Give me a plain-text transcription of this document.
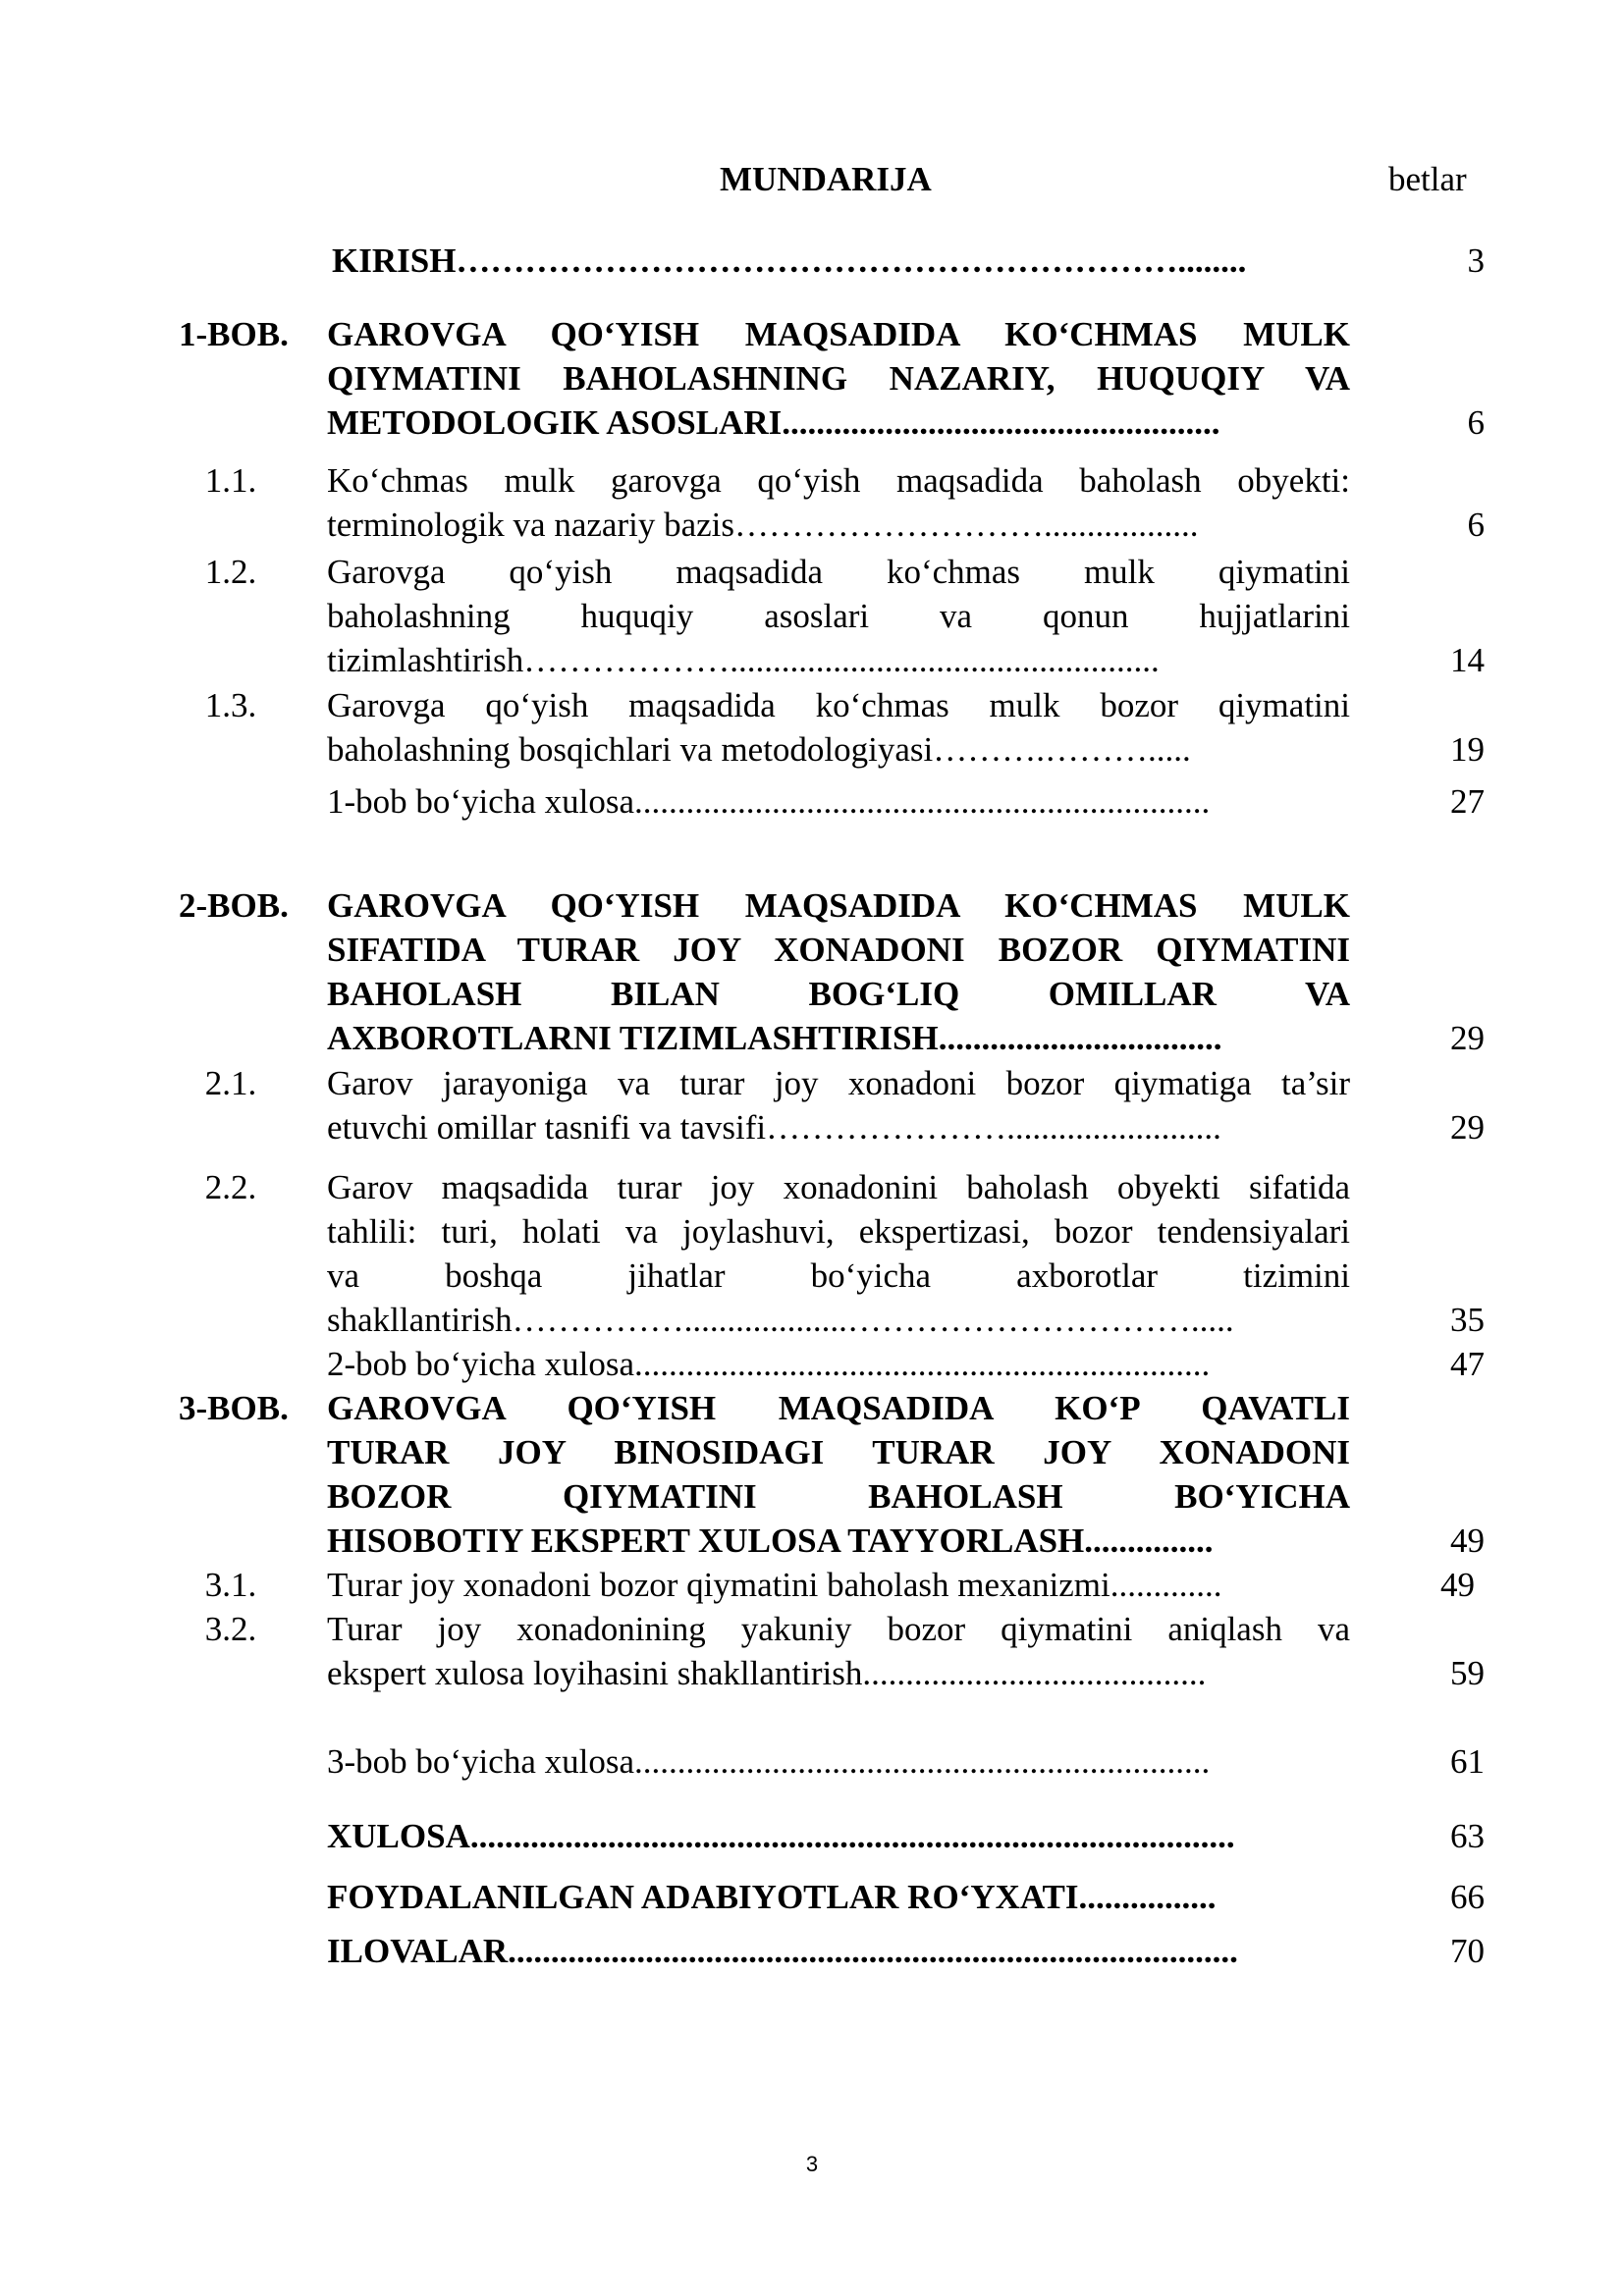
MUNDARIJA	betlar
KIRISH………………………………………………………........	3
1-BOB. GAROVGA QO‘YISH MAQSADIDA KO‘CHMAS MULK
QIYMATINI BAHOLASHNING NAZARIY, HUQUQIY VA
METODOLOGIK ASOSLARI...................................................	6
1.1.	Ko‘chmas mulk garovga qo‘yish maqsadida baholash obyekti:
terminologik va nazariy bazis………………………..................	6
1.2.	Garovga qo‘yish maqsadida ko‘chmas mulk qiymatini
baholashning huquqiy asoslari va qonun hujjatlarini
tizimlashtirish………………..................................................	14
1.3.	Garovga qo‘yish maqsadida ko‘chmas mulk bozor qiymatini
baholashning bosqichlari va metodologiyasi……….……….....	19
1-bob bo‘yicha xulosa...................................................................	27
2-BOB. GAROVGA QO‘YISH MAQSADIDA KO‘CHMAS MULK
SIFATIDA TURAR JOY XONADONI BOZOR QIYMATINI
BAHOLASH BILAN BOG‘LIQ OMILLAR VA
AXBOROTLARNI TIZIMLASHTIRISH.................................	29
2.1.	Garov jarayoniga va turar joy xonadoni bozor qiymatiga ta’sir
etuvchi omillar tasnifi va tavsifi………………….........................	29
2.2.	Garov maqsadida turar joy xonadonini baholash obyekti sifatida
tahlili: turi, holati va joylashuvi, ekspertizasi, bozor tendensiyalari
va boshqa jihatlar bo‘yicha axborotlar tizimini
shakllantirish……………...................………………………….....	35
2-bob bo‘yicha xulosa...................................................................	47
3-BOB. GAROVGA QO‘YISH MAQSADIDA KO‘P QAVATLI
TURAR JOY BINOSIDAGI TURAR JOY XONADONI
BOZOR QIYMATINI BAHOLASH BO‘YICHA
HISOBOTIY EKSPERT XULOSA TAYYORLASH...............	49
3.1.	Turar joy xonadoni bozor qiymatini baholash mexanizmi.............	49
3.2.	Turar joy xonadonining yakuniy bozor qiymatini aniqlash va
ekspert xulosa loyihasini shakllantirish........................................	59
3-bob bo‘yicha xulosa...................................................................	61
XULOSA.........................................................................................	63
FOYDALANILGAN ADABIYOTLAR RO‘YXATI................	66
ILOVALAR.....................................................................................	70
3
